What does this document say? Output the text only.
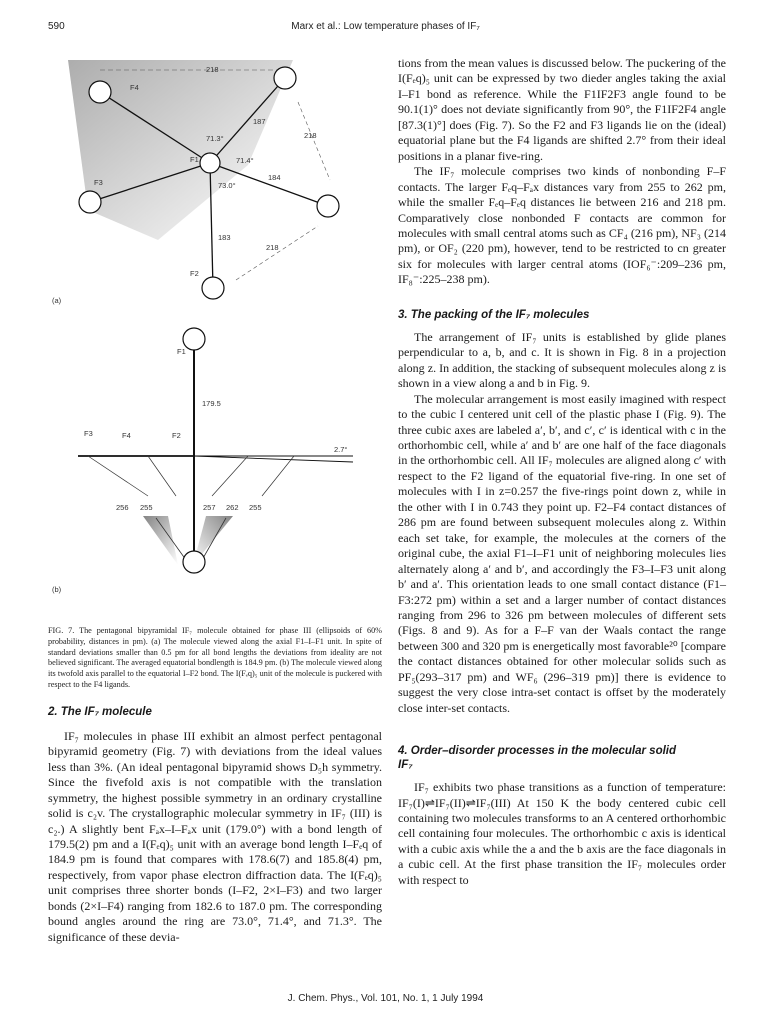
590	Marx et al.: Low temperature phases of IF₇
F4
F1
F3
F2
218
187
218
184
183
218
71.3°
71.4°
73.0°
(a)
F1
F3	F4	F2
179.5
256 255	257 262 255
2.7°
(b)

FIG. 7. The pentagonal bipyramidal IF₇ molecule obtained for phase III (ellipsoids of 60% probability, distances in pm). (a) The molecule viewed along the axial F1–I–F1 unit. In spite of standard deviations smaller than 0.5 pm for all bond lengths the deviations from ideality are not believed significant. The averaged equatorial bondlength is 184.9 pm. (b) The molecule viewed along its twofold axis parallel to the equatorial I–F2 bond. The I(Fₑq)₅ unit of the molecule is puckered with respect to the F4 ligands.

2. The IF₇ molecule

IF₇ molecules in phase III exhibit an almost perfect pentagonal bipyramid geometry (Fig. 7) with deviations from the ideal values less than 3%. (An ideal pentagonal bipyramid shows D₅h symmetry. Since the fivefold axis is not compatible with the translation symmetry, the highest possible symmetry in an ordinary crystalline solid is c₂v. The crystallographic molecular symmetry in IF₇ (III) is c₂.) A slightly bent Fₐx–I–Fₐx unit (179.0°) with a bond length of 179.5(2) pm and a I(Fₑq)₅ unit with an average bond length I–Fₑq of 184.9 pm is found that compares with 178.6(7) and 185.8(4) pm, respectively, from vapor phase electron diffraction data. The I(Fₑq)₅ unit comprises three shorter bonds (I–F2, 2×I–F3) and two larger bonds (2×I–F4) ranging from 182.6 to 187.0 pm. The corresponding bound angles around the ring are 73.0°, 71.4°, and 71.3°. The significance of these devia-

tions from the mean values is discussed below. The puckering of the I(Fₑq)₅ unit can be expressed by two dieder angles taking the axial I–F1 bond as reference. While the F1IF2F3 angle found to be 90.1(1)° does not deviate significantly from 90°, the F1IF2F4 angle [87.3(1)°] does (Fig. 7). So the F2 and F3 ligands lie on the (ideal) equatorial plane but the F4 ligands are shifted 2.7° from their ideal positions in a planar five-ring.

The IF₇ molecule comprises two kinds of nonbonding F–F contacts. The larger Fₑq–Fₐx distances vary from 255 to 262 pm, while the smaller Fₑq–Fₑq distances lie between 216 and 218 pm. Comparatively close nonbonded F contacts are common for molecules with small central atoms such as CF₄ (216 pm), NF₃ (214 pm), or OF₂ (220 pm), however, tend to be restricted to cn greater six for molecules with larger central atoms (IOF₆⁻:209–236 pm, IF₈⁻:225–238 pm).

3. The packing of the IF₇ molecules

The arrangement of IF₇ units is established by glide planes perpendicular to a, b, and c. It is shown in Fig. 8 in a projection along z. In addition, the stacking of subsequent molecules along z is shown in a view along a and b in Fig. 9.

The molecular arrangement is most easily imagined with respect to the cubic I centered unit cell of the plastic phase I (Fig. 9). The three cubic axes are labeled a′, b′, and c′, c′ is identical with c in the orthorhombic cell, while a′ and b′ are one half of the face diagonals in the orthorhombic cell. All IF₇ molecules are aligned along c′ with respect to the F2 ligand of the equatorial five-ring. In one set of molecules with I in z=0.257 the five-rings point down z, while in the other with I in 0.743 they point up. F2–F4 contact distances of 286 pm are found between subsequent molecules along z. Within each set take, for example, the molecules at the corners of the original cube, the axial F1–I–F1 unit of neighboring molecules lies alternately along a′ and b′, and accordingly the F3–I–F3 unit along b′ and a′. This orientation leads to one small contact distance (F1–F3:272 pm) within a set and a larger number of contact distances ranging from 296 to 326 pm between molecules of different sets (Figs. 8 and 9). As for a F–F van der Waals contact the range between 300 and 320 pm is energetically most favorable²⁰ [compare the contact distances obtained for other molecular solids such as PF₅(293–317 pm) and WF₆ (296–319 pm)] there is evidence to suggest the very close intra-set contact is offset by the moderately close inter-set contacts.

4. Order–disorder processes in the molecular solid
IF₇

IF₇ exhibits two phase transitions as a function of temperature: IF₇(I)⇌IF₇(II)⇌IF₇(III) At 150 K the body centered cubic cell containing two molecules transforms to an A centered orthorhombic cell containing four molecules. The orthorhombic c axis is identical with a cubic axis while the a and the b axis are the face diagonals in a cubic cell. At the first phase transition the IF₇ molecules order with respect to

J. Chem. Phys., Vol. 101, No. 1, 1 July 1994
